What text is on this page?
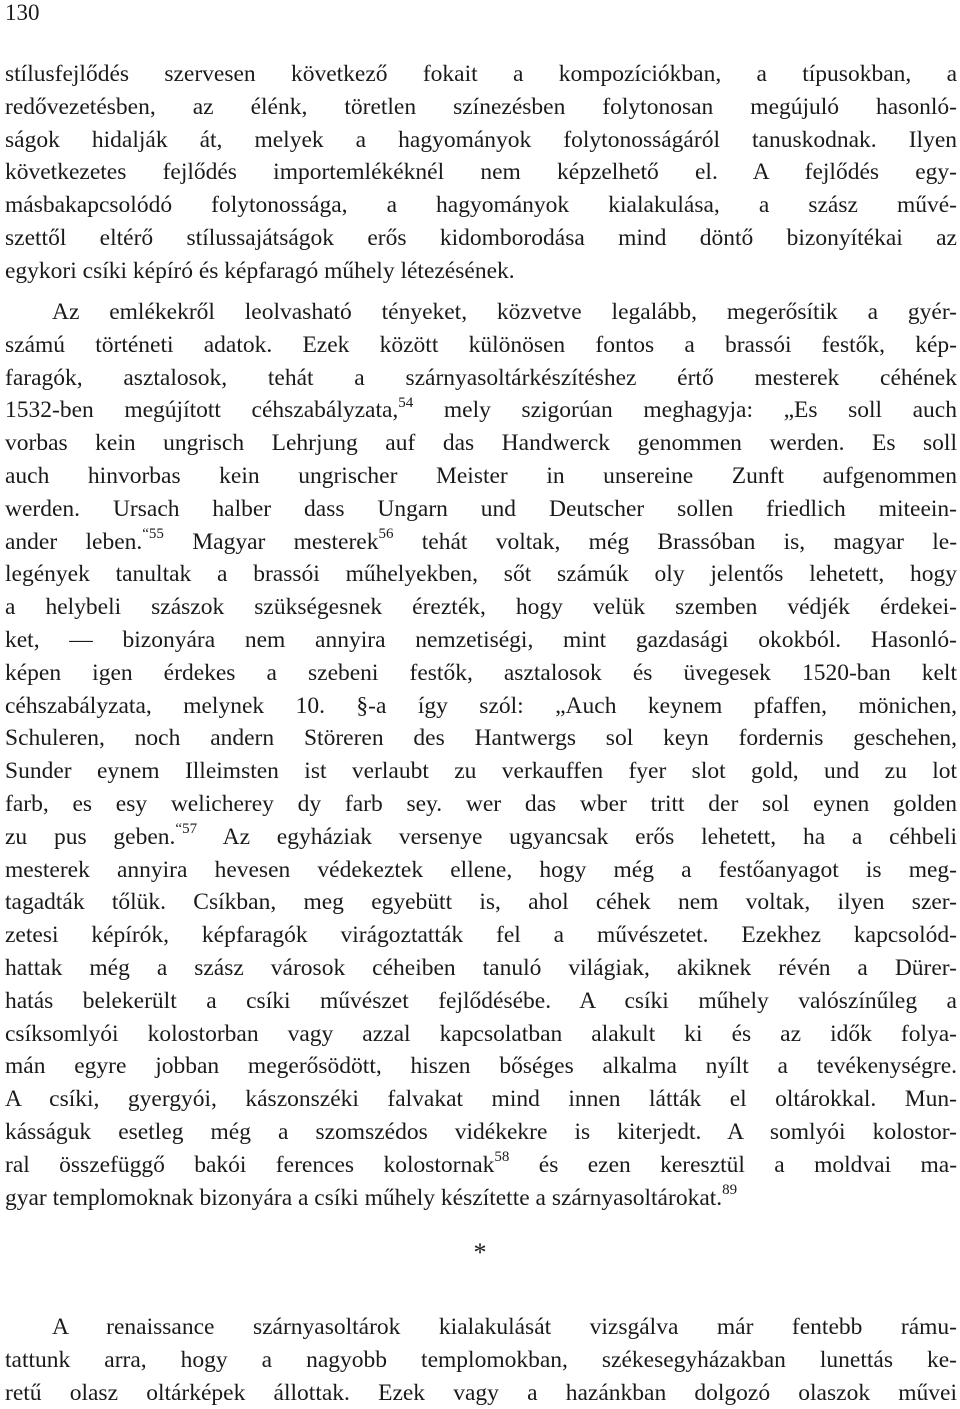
130
stílusfejlődés szervesen következő fokait a kompozíciókban, a típusokban, a
redővezetésben, az élénk, töretlen színezésben folytonosan megújuló hasonló-
ságok hidalják át, melyek a hagyományok folytonosságáról tanuskodnak. Ilyen
következetes fejlődés importemlékéknél nem képzelhető el. A fejlődés egy-
másbakapcsolódó folytonossága, a hagyományok kialakulása, a szász művé-
szettől eltérő stílussajátságok erős kidomborodása mind döntő bizonyítékai az
egykori csíki képíró és képfaragó műhely létezésének.
Az emlékekről leolvasható tényeket, közvetve legalább, megerősítik a gyér-
számú történeti adatok. Ezek között különösen fontos a brassói festők, kép-
faragók, asztalosok, tehát a szárnyasoltárkészítéshez értő mesterek céhének
1532-ben megújított céhszabályzata,$^{54}$ mely szigorúan meghagyja: „Es soll auch
vorbas kein ungrisch Lehrjung auf das Handwerck genommen werden. Es soll
auch hinvorbas kein ungrischer Meister in unsereine Zunft aufgenommen
werden. Ursach halber dass Ungarn und Deutscher sollen friedlich miteein-
ander leben.$^{“55}$ Magyar mesterek$^{56}$ tehát voltak, még Brassóban is, magyar le-
legények tanultak a brassói műhelyekben, sőt számúk oly jelentős lehetett, hogy
a helybeli szászok szükségesnek érezték, hogy velük szemben védjék érdekei-
ket, — bizonyára nem annyira nemzetiségi, mint gazdasági okokból. Hasonló-
képen igen érdekes a szebeni festők, asztalosok és üvegesek 1520-ban kelt
céhszabályzata, melynek 10. §-a így szól: „Auch keynem pfaffen, mönichen,
Schuleren, noch andern Störeren des Hantwergs sol keyn fordernis geschehen,
Sunder eynem Illeimsten ist verlaubt zu verkauffen fyer slot gold, und zu lot
farb, es esy welicherey dy farb sey. wer das wber tritt der sol eynen golden
zu pus geben.$^{“57}$ Az egyháziak versenye ugyancsak erős lehetett, ha a céhbeli
mesterek annyira hevesen védekeztek ellene, hogy még a festőanyagot is meg-
tagadták tőlük. Csíkban, meg egyebütt is, ahol céhek nem voltak, ilyen szer-
zetesi képírók, képfaragók virágoztatták fel a művészetet. Ezekhez kapcsolód-
hattak még a szász városok céheiben tanuló világiak, akiknek révén a Dürer-
hatás belekerült a csíki művészet fejlődésébe. A csíki műhely valószínűleg a
csíksomlyói kolostorban vagy azzal kapcsolatban alakult ki és az idők folya-
mán egyre jobban megerősödött, hiszen bőséges alkalma nyílt a tevékenységre.
A csíki, gyergyói, kászonszéki falvakat mind innen látták el oltárokkal. Mun-
kásságuk esetleg még a szomszédos vidékekre is kiterjedt. A somlyói kolostor-
ral összefüggő bakói ferences kolostornak$^{58}$ és ezen keresztül a moldvai ma-
gyar templomoknak bizonyára a csíki műhely készítette a szárnyasoltárokat.$^{89}$
*
A renaissance szárnyasoltárok kialakulását vizsgálva már fentebb rámu-
tattunk arra, hogy a nagyobb templomokban, székesegyházakban lunettás ke-
retű olasz oltárképek állottak. Ezek vagy a hazánkban dolgozó olaszok művei
